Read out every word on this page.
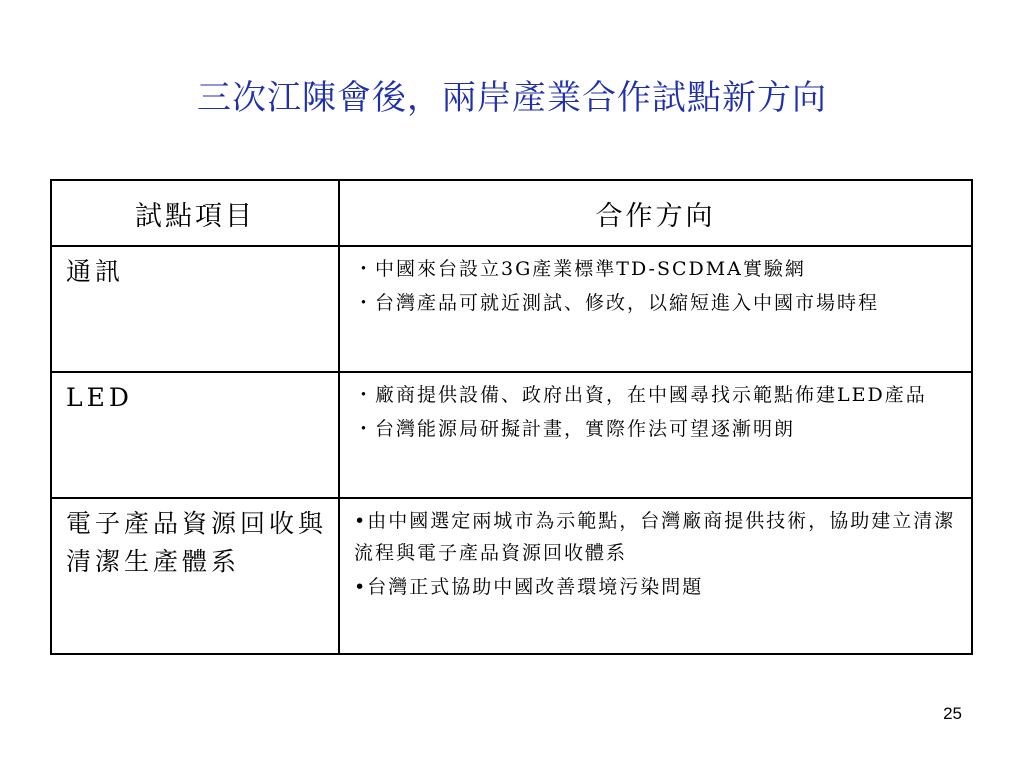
三次江陳會後，兩岸產業合作試點新方向
試點項目	合作方向
通訊	・中國來台設立3G產業標準TD-SCDMA實驗網
・台灣產品可就近測試、修改，以縮短進入中國市場時程

LED	・廠商提供設備、政府出資，在中國尋找示範點佈建LED產品
・台灣能源局研擬計畫，實際作法可望逐漸明朗

電子產品資源回收與清潔生產體系	•由中國選定兩城市為示範點，台灣廠商提供技術，協助建立清潔流程與電子產品資源回收體系
•台灣正式協助中國改善環境污染問題
25
